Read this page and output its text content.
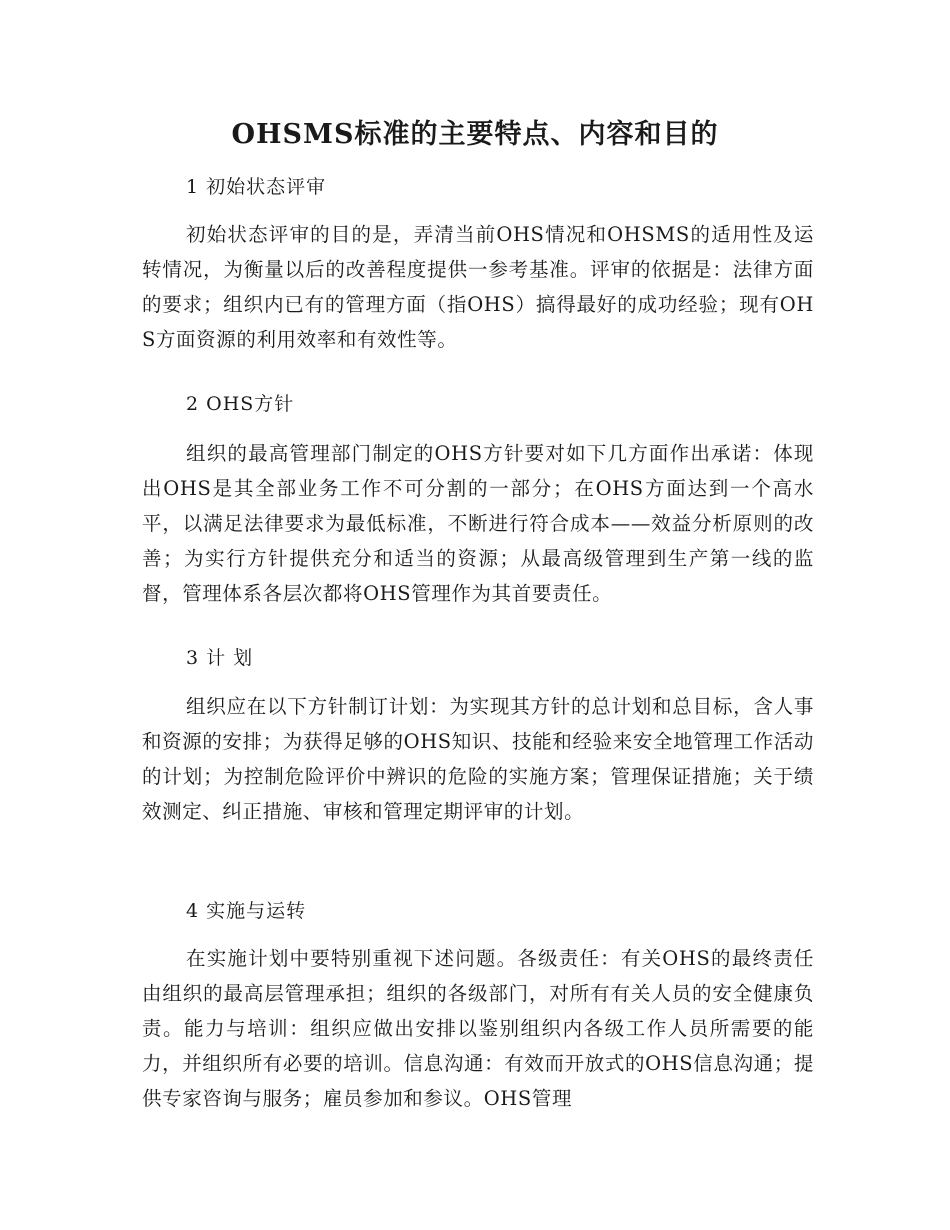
OHSMS标准的主要特点、内容和目的
1 初始状态评审

初始状态评审的目的是，弄清当前OHS情况和OHSMS的适用性及运转情况，为衡量以后的改善程度提供一参考基准。评审的依据是：法律方面的要求；组织内已有的管理方面（指OHS）搞得最好的成功经验；现有OHS方面资源的利用效率和有效性等。

2 OHS方针

组织的最高管理部门制定的OHS方针要对如下几方面作出承诺：体现出OHS是其全部业务工作不可分割的一部分；在OHS方面达到一个高水平，以满足法律要求为最低标准，不断进行符合成本——效益分析原则的改善；为实行方针提供充分和适当的资源；从最高级管理到生产第一线的监督，管理体系各层次都将OHS管理作为其首要责任。

3 计 划

组织应在以下方针制订计划：为实现其方针的总计划和总目标，含人事和资源的安排；为获得足够的OHS知识、技能和经验来安全地管理工作活动的计划；为控制危险评价中辨识的危险的实施方案；管理保证措施；关于绩效测定、纠正措施、审核和管理定期评审的计划。

4 实施与运转

在实施计划中要特别重视下述问题。各级责任：有关OHS的最终责任由组织的最高层管理承担；组织的各级部门，对所有有关人员的安全健康负责。能力与培训：组织应做出安排以鉴别组织内各级工作人员所需要的能力，并组织所有必要的培训。信息沟通：有效而开放式的OHS信息沟通；提供专家咨询与服务；雇员参加和参议。OHS管理
